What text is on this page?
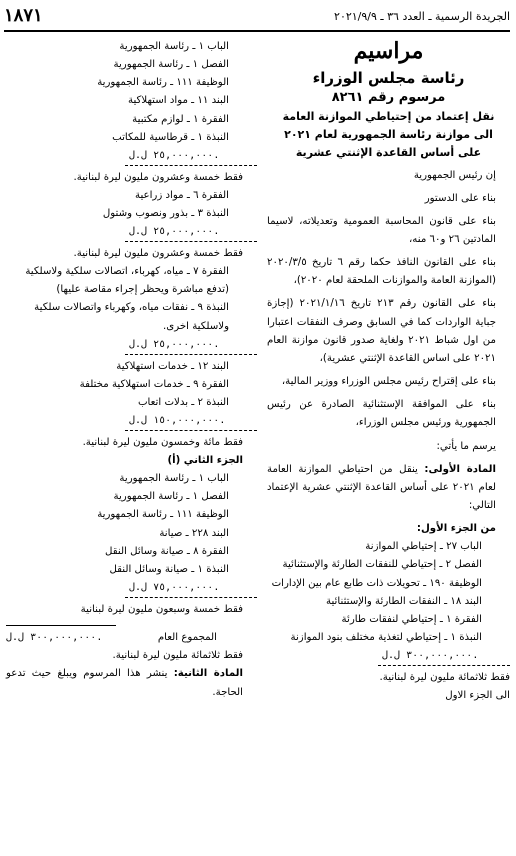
الجريدة الرسمية ـ العدد ٣٦ ـ ٢٠٢١/٩/٩
١٨٧١
مراسيم
رئاسة مجلس الوزراء
مرسوم رقم ٨٢٦١
نقل إعتماد من إحتياطي الموازنة العامة
الى موازنة رئاسة الجمهورية لعام ٢٠٢١
على أساس القاعدة الإثنتي عشرية
إن رئيس الجمهورية
بناء على الدستور
بناء على قانون المحاسبة العمومية وتعديلاته، لاسيما المادتين ٢٦ و٦٠ منه،
بناء على القانون النافذ حكما رقم ٦ تاريخ ٢٠٢٠/٣/٥ (الموازنة العامة والموازنات الملحقة لعام ٢٠٢٠)،
بناء على القانون رقم ٢١٣ تاريخ ٢٠٢١/١/١٦ (إجازة جباية الواردات كما في السابق وصرف النفقات اعتبارا من اول شباط ٢٠٢١ ولغاية صدور قانون موازنة العام ٢٠٢١ على اساس القاعدة الإثنتي عشرية)،
بناء على إقتراح رئيس مجلس الوزراء ووزير المالية،
بناء على الموافقة الإستثنائية الصادرة عن رئيس الجمهورية ورئيس مجلس الوزراء،
يرسم ما يأتي:
المادة الأولى: ينقل من احتياطي الموازنة العامة لعام ٢٠٢١ على أساس القاعدة الإثنتي عشرية الإعتماد التالي:
من الجزء الأول:
الباب ٢٧ ـ إحتياطي الموازنة
الفصل ٢ ـ إحتياطي للنفقات الطارئة والإستثنائية
الوظيفة ١٩٠ ـ تحويلات ذات طابع عام بين الإدارات
البند ١٨ ـ النفقات الطارئة والإستثنائية
الفقرة ١ ـ إحتياطي لنفقات طارئة
النبذة ١ ـ إحتياطي لتغذية مختلف بنود الموازنة
٣٠٠,٠٠٠,٠٠٠ ل.ل.
فقط ثلاثمائة مليون ليرة لبنانية.
الى الجزء الاول
الباب ١ ـ رئاسة الجمهورية
الفصل ١ ـ رئاسة الجمهورية
الوظيفة ١١١ ـ رئاسة الجمهورية
البند ١١ ـ مواد استهلاكية
الفقرة ١ ـ لوازم مكتبية
النبذة ١ ـ قرطاسية للمكاتب
٢٥,٠٠٠,٠٠٠ ل.ل.
فقط خمسة وعشرون مليون ليرة لبنانية.
الفقرة ٦ ـ مواد زراعية
النبذة ٣ ـ بذور ونصوب وشتول
٢٥,٠٠٠,٠٠٠ ل.ل.
فقط خمسة وعشرون مليون ليرة لبنانية.
الفقرة ٧ ـ مياه، كهرباء، اتصالات سلكية ولاسلكية
(تدفع مباشرة ويحظر إجراء مقاصة عليها)
النبذة ٩ ـ نفقات مياه، وكهرباء واتصالات سلكية ولاسلكية اخرى.
٢٥,٠٠٠,٠٠٠ ل.ل.
البند ١٢ ـ خدمات استهلاكية
الفقرة ٩ ـ خدمات استهلاكية مختلفة
النبذة ٢ ـ بدلات اتعاب
١٥٠,٠٠٠,٠٠٠ ل.ل.
فقط مائة وخمسون مليون ليرة لبنانية.
الجزء الثاني (أ)
الباب ١ ـ رئاسة الجمهورية
الفصل ١ ـ رئاسة الجمهورية
الوظيفة ١١١ ـ رئاسة الجمهورية
البند ٢٢٨ ـ صيانة
الفقرة ٨ ـ صيانة وسائل النقل
النبذة ١ ـ صيانة وسائل النقل
٧٥,٠٠٠,٠٠٠ ل.ل.
فقط خمسة وسبعون مليون ليرة لبنانية
المجموع العام
٣٠٠,٠٠٠,٠٠٠ ل.ل.
فقط ثلاثمائة مليون ليرة لبنانية.
المادة الثانية: ينشر هذا المرسوم ويبلغ حيث تدعو الحاجة.
